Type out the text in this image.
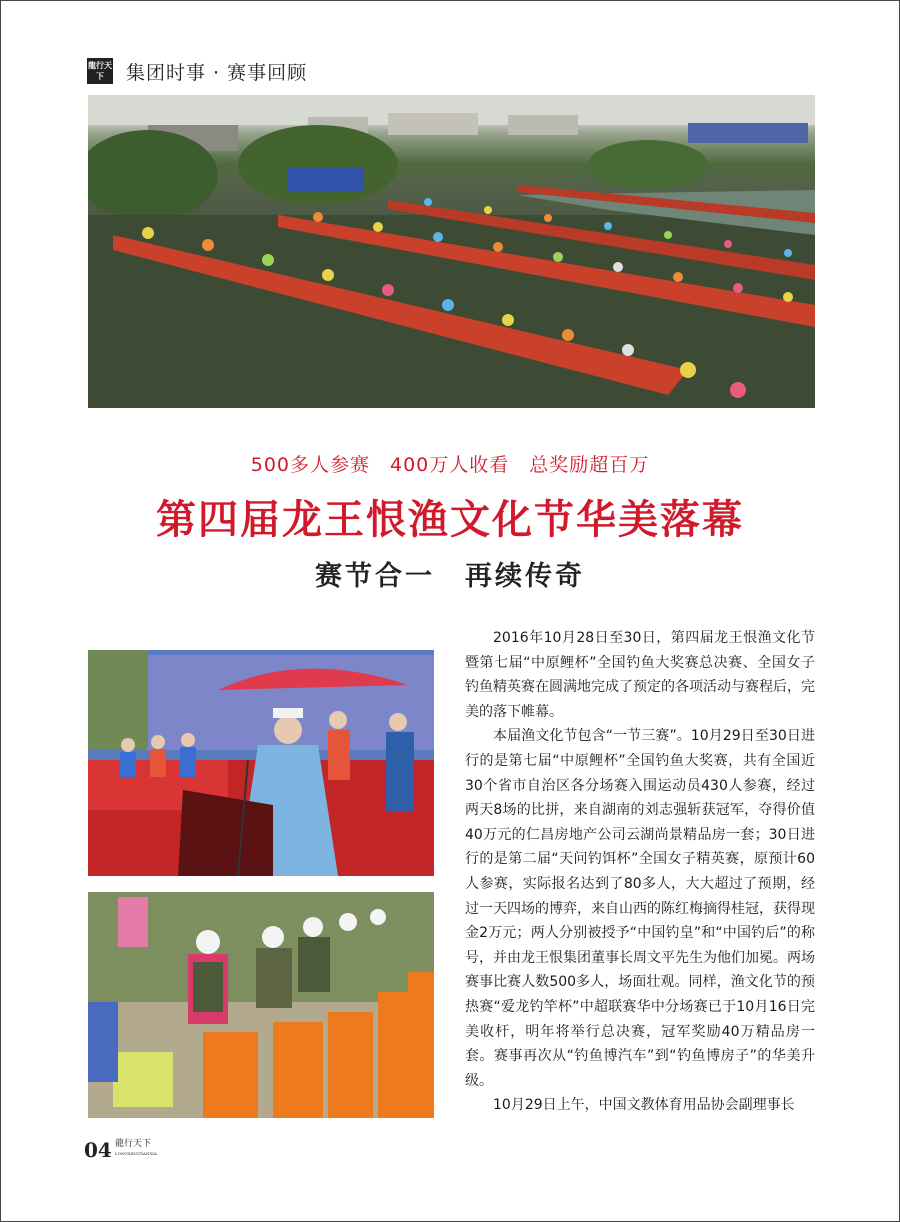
龍行天下	集团时事 · 赛事回顾
500多人参赛　400万人收看　总奖励超百万
第四届龙王恨渔文化节华美落幕
赛节合一　再续传奇

2016年10月28日至30日，第四届龙王恨渔文化节暨第七届“中原鲤杯”全国钓鱼大奖赛总决赛、全国女子钓鱼精英赛在圆满地完成了预定的各项活动与赛程后，完美的落下帷幕。

本届渔文化节包含“一节三赛”。10月29日至30日进行的是第七届“中原鲤杯”全国钓鱼大奖赛，共有全国近30个省市自治区各分场赛入围运动员430人参赛，经过两天8场的比拼，来自湖南的刘志强斩获冠军，夺得价值40万元的仁昌房地产公司云湖尚景精品房一套；30日进行的是第二届“天问钓饵杯”全国女子精英赛，原预计60人参赛，实际报名达到了80多人，大大超过了预期，经过一天四场的博弈，来自山西的陈红梅摘得桂冠，获得现金2万元；两人分别被授予“中国钓皇”和“中国钓后”的称号，并由龙王恨集团董事长周文平先生为他们加冕。两场赛事比赛人数500多人，场面壮观。同样，渔文化节的预热赛“爱龙钓竿杯”中超联赛华中分场赛已于10月16日完美收杆，明年将举行总决赛，冠军奖励40万精品房一套。赛事再次从“钓鱼博汽车”到“钓鱼博房子”的华美升级。

10月29日上午，中国文教体育用品协会副理事长

04 龍行天下
LONGXINGTIANXIA
